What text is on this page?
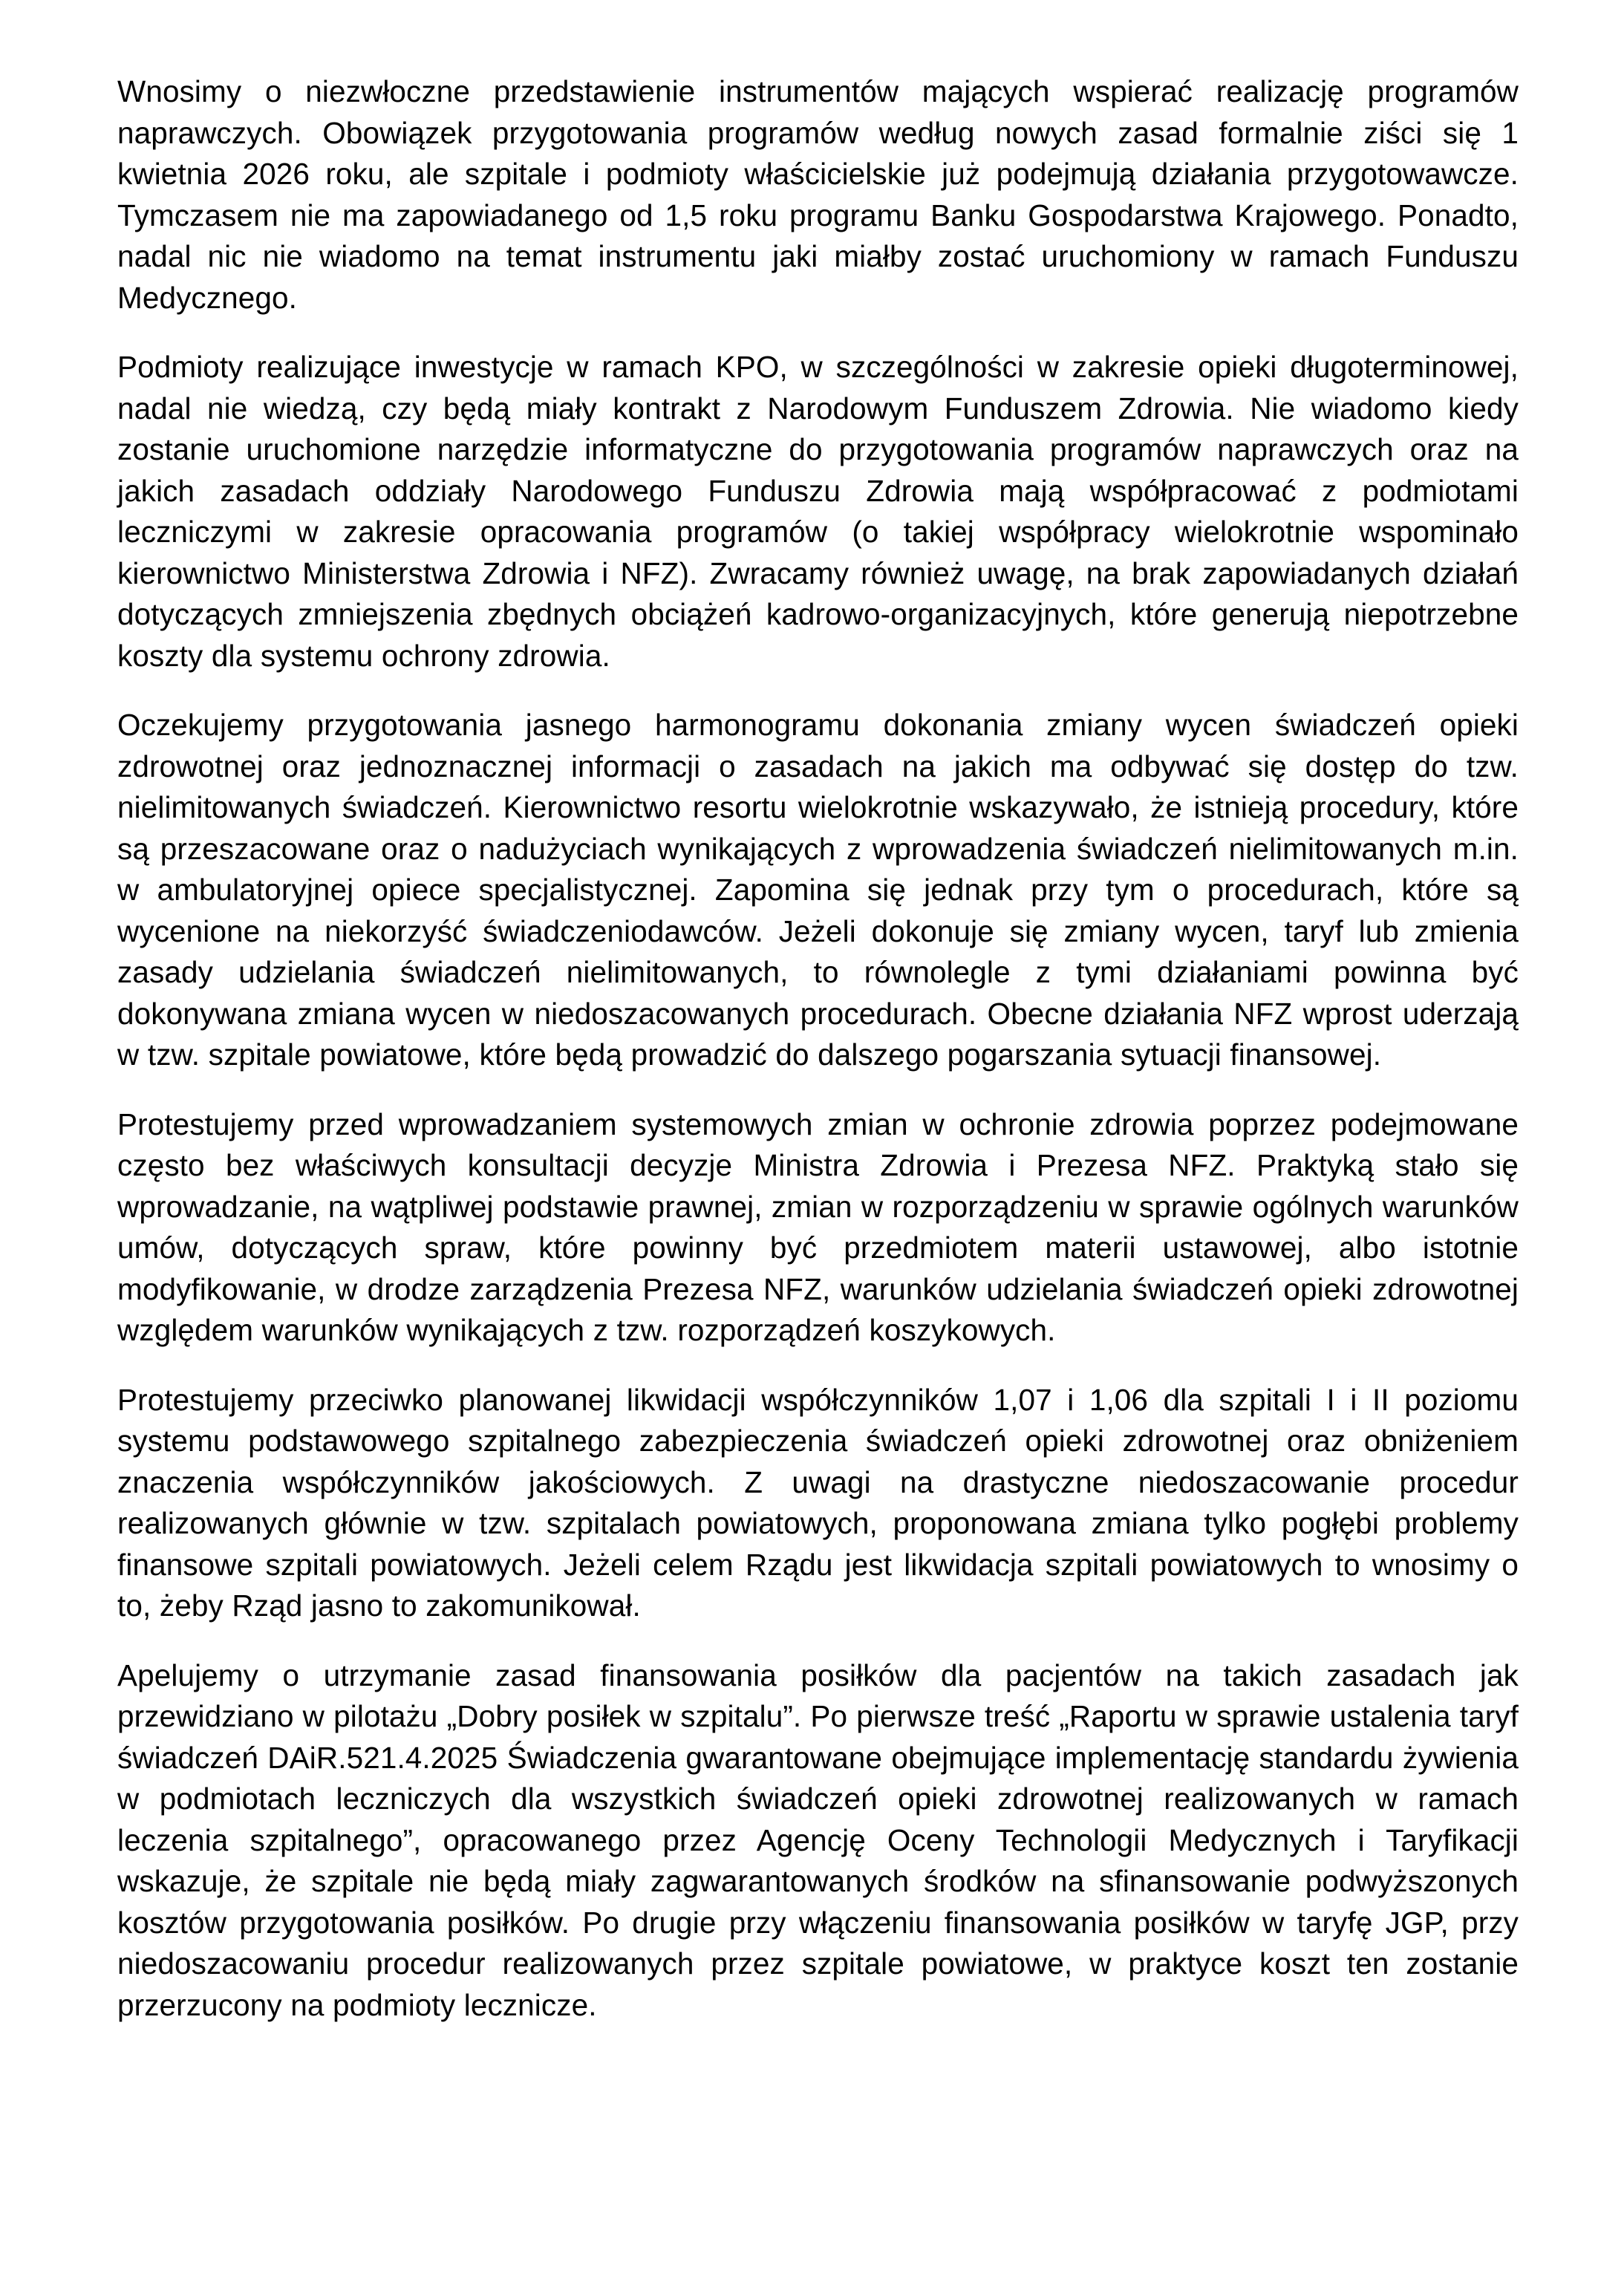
Wnosimy o niezwłoczne przedstawienie instrumentów mających wspierać realizację programów naprawczych. Obowiązek przygotowania programów według nowych zasad formalnie ziści się 1 kwietnia 2026 roku, ale szpitale i podmioty właścicielskie już podejmują działania przygotowawcze. Tymczasem nie ma zapowiadanego od 1,5 roku programu Banku Gospodarstwa Krajowego. Ponadto, nadal nic nie wiadomo na temat instrumentu jaki miałby zostać uruchomiony w ramach Funduszu Medycznego.

Podmioty realizujące inwestycje w ramach KPO, w szczególności w zakresie opieki długoterminowej, nadal nie wiedzą, czy będą miały kontrakt z Narodowym Funduszem Zdrowia. Nie wiadomo kiedy zostanie uruchomione narzędzie informatyczne do przygotowania programów naprawczych oraz na jakich zasadach oddziały Narodowego Funduszu Zdrowia mają współpracować z podmiotami leczniczymi w zakresie opracowania programów (o takiej współpracy wielokrotnie wspominało kierownictwo Ministerstwa Zdrowia i NFZ). Zwracamy również uwagę, na brak zapowiadanych działań dotyczących zmniejszenia zbędnych obciążeń kadrowo-organizacyjnych, które generują niepotrzebne koszty dla systemu ochrony zdrowia.

Oczekujemy przygotowania jasnego harmonogramu dokonania zmiany wycen świadczeń opieki zdrowotnej oraz jednoznacznej informacji o zasadach na jakich ma odbywać się dostęp do tzw. nielimitowanych świadczeń. Kierownictwo resortu wielokrotnie wskazywało, że istnieją procedury, które są przeszacowane oraz o nadużyciach wynikających z wprowadzenia świadczeń nielimitowanych m.in. w ambulatoryjnej opiece specjalistycznej. Zapomina się jednak przy tym o procedurach, które są wycenione na niekorzyść świadczeniodawców. Jeżeli dokonuje się zmiany wycen, taryf lub zmienia zasady udzielania świadczeń nielimitowanych, to równolegle z tymi działaniami powinna być dokonywana zmiana wycen w niedoszacowanych procedurach. Obecne działania NFZ wprost uderzają w tzw. szpitale powiatowe, które będą prowadzić do dalszego pogarszania sytuacji finansowej.

Protestujemy przed wprowadzaniem systemowych zmian w ochronie zdrowia poprzez podejmowane często bez właściwych konsultacji decyzje Ministra Zdrowia i Prezesa NFZ. Praktyką stało się wprowadzanie, na wątpliwej podstawie prawnej, zmian w rozporządzeniu w sprawie ogólnych warunków umów, dotyczących spraw, które powinny być przedmiotem materii ustawowej, albo istotnie modyfikowanie, w drodze zarządzenia Prezesa NFZ, warunków udzielania świadczeń opieki zdrowotnej względem warunków wynikających z tzw. rozporządzeń koszykowych.

Protestujemy przeciwko planowanej likwidacji współczynników 1,07 i 1,06 dla szpitali I i II poziomu systemu podstawowego szpitalnego zabezpieczenia świadczeń opieki zdrowotnej oraz obniżeniem znaczenia współczynników jakościowych. Z uwagi na drastyczne niedoszacowanie procedur realizowanych głównie w tzw. szpitalach powiatowych, proponowana zmiana tylko pogłębi problemy finansowe szpitali powiatowych. Jeżeli celem Rządu jest likwidacja szpitali powiatowych to wnosimy o to, żeby Rząd jasno to zakomunikował.

Apelujemy o utrzymanie zasad finansowania posiłków dla pacjentów na takich zasadach jak przewidziano w pilotażu „Dobry posiłek w szpitalu”. Po pierwsze treść „Raportu w sprawie ustalenia taryf świadczeń DAiR.521.4.2025 Świadczenia gwarantowane obejmujące implementację standardu żywienia w podmiotach leczniczych dla wszystkich świadczeń opieki zdrowotnej realizowanych w ramach leczenia szpitalnego”, opracowanego przez Agencję Oceny Technologii Medycznych i Taryfikacji wskazuje, że szpitale nie będą miały zagwarantowanych środków na sfinansowanie podwyższonych kosztów przygotowania posiłków. Po drugie przy włączeniu finansowania posiłków w taryfę JGP, przy niedoszacowaniu procedur realizowanych przez szpitale powiatowe, w praktyce koszt ten zostanie przerzucony na podmioty lecznicze.
